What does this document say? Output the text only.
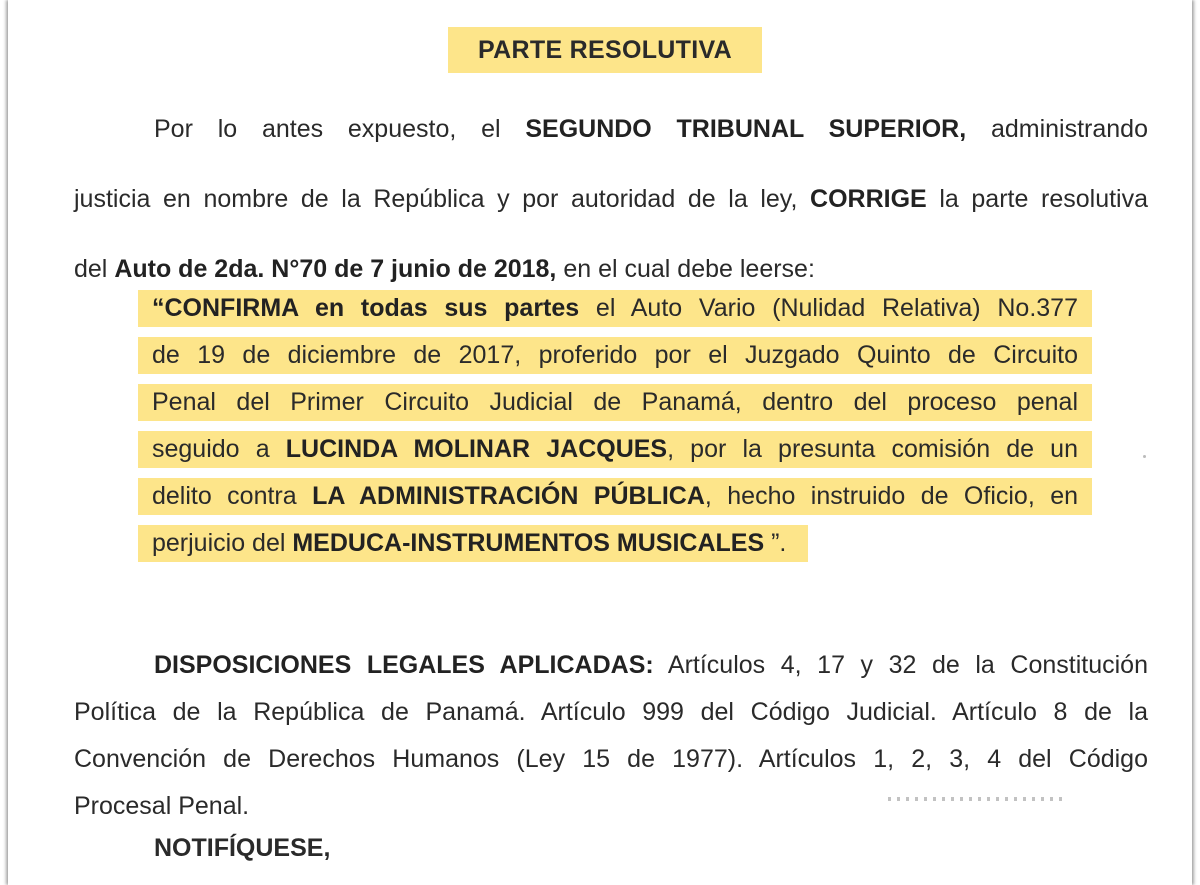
PARTE RESOLUTIVA

Por lo antes expuesto, el SEGUNDO TRIBUNAL SUPERIOR, administrando
justicia en nombre de la República y por autoridad de la ley, CORRIGE la parte resolutiva
del Auto de 2da. N°70 de 7 junio de 2018, en el cual debe leerse:

“CONFIRMA en todas sus partes el Auto Vario (Nulidad Relativa) No.377
de 19 de diciembre de 2017, proferido por el Juzgado Quinto de Circuito
Penal del Primer Circuito Judicial de Panamá, dentro del proceso penal
seguido a LUCINDA MOLINAR JACQUES, por la presunta comisión de un
delito contra LA ADMINISTRACIÓN PÚBLICA, hecho instruido de Oficio, en
perjuicio del MEDUCA-INSTRUMENTOS MUSICALES ”.

DISPOSICIONES LEGALES APLICADAS: Artículos 4, 17 y 32 de la Constitución
Política de la República de Panamá. Artículo 999 del Código Judicial. Artículo 8 de la
Convención de Derechos Humanos (Ley 15 de 1977). Artículos 1, 2, 3, 4 del Código
Procesal Penal.

NOTIFÍQUESE,
